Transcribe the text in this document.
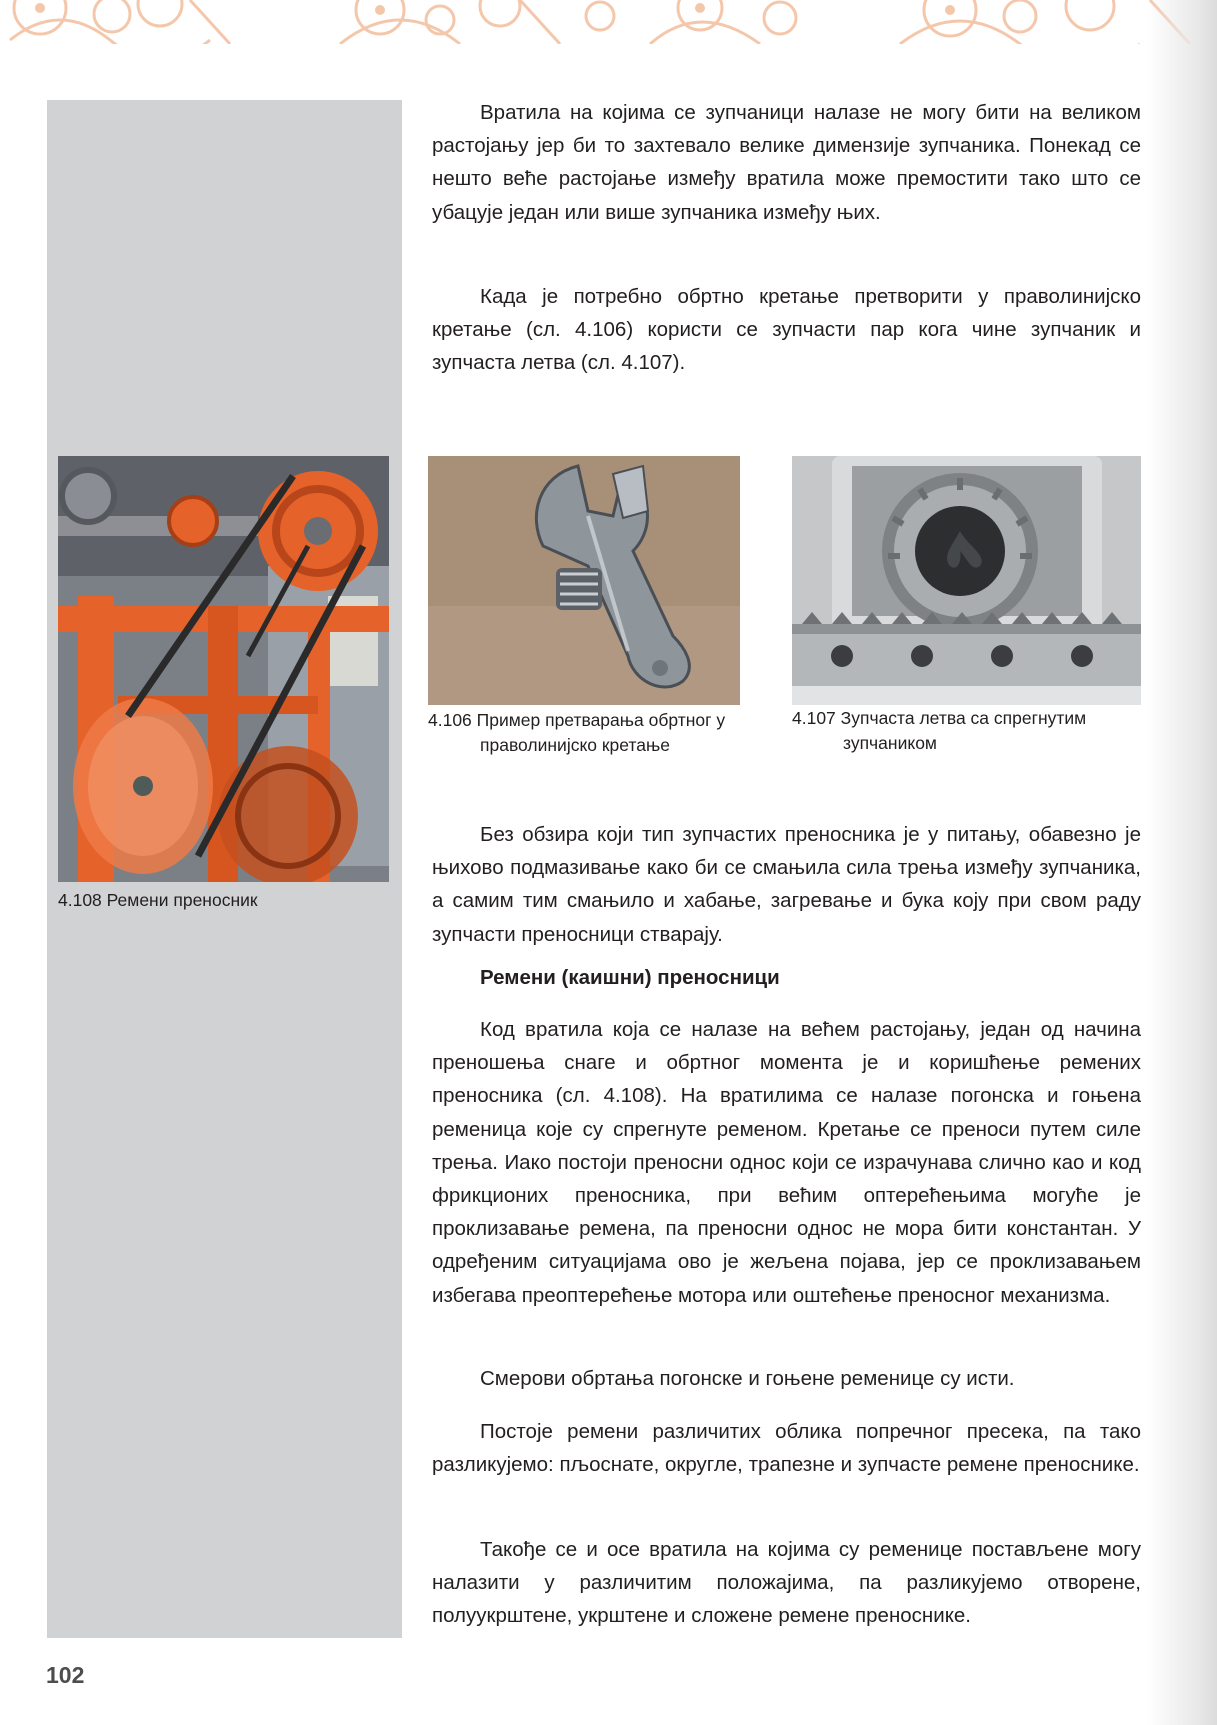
Вратила на којима се зупчаници налазе не могу бити на великом растојању јер би то захтевало велике димензије зупчаника. Понекад се нешто веће растојање између вратила може премостити тако што се убацује један или више зупчаника између њих.

Када је потребно обртно кретање претворити у праволинијско кретање (сл. 4.106) користи се зупчасти пар кога чине зупчаник и зупчаста летва (сл. 4.107).

Без обзира који тип зупчастих преносника је у питању, обавезно је њихово подмазивање како би се смањила сила трења између зупчаника, а самим тим смањило и хабање, загревање и бука коју при свом раду зупчасти преносници стварају.

Ремени (каишни) преносници

Код вратила која се налазе на већем растојању, један од начина преношења снаге и обртног момента је и коришћење ремених преносника (сл. 4.108). На вратилима се налазе погонска и гоњена ременица које су спрегнуте ременом. Кретање се преноси путем силе трења. Иако постоји преносни однос који се израчунава слично као и код фрикционих преносника, при већим оптерећењима могуће је проклизавање ремена, па преносни однос не мора бити константан. У одређеним ситуацијама ово је жељена појава, јер се проклизавањем избегава преоптерећење мотора или оштећење преносног механизма.

Смерови обртања погонске и гоњене ременице су исти.

Постоје ремени различитих облика попречног пресека, па тако разликујемо: пљоснате, округле, трапезне и зупчасте ремене преноснике.

Такође се и осе вратила на којима су ременице постављене могу налазити у различитим положајима, па разликујемо отворене, полуукрштене, укрштене и сложене ремене преноснике.

4.108 Ремени преносник

4.106 Пример претварања обртног у

праволинијско кретање

4.107 Зупчаста летва са спрегнутим

зупчаником

102
